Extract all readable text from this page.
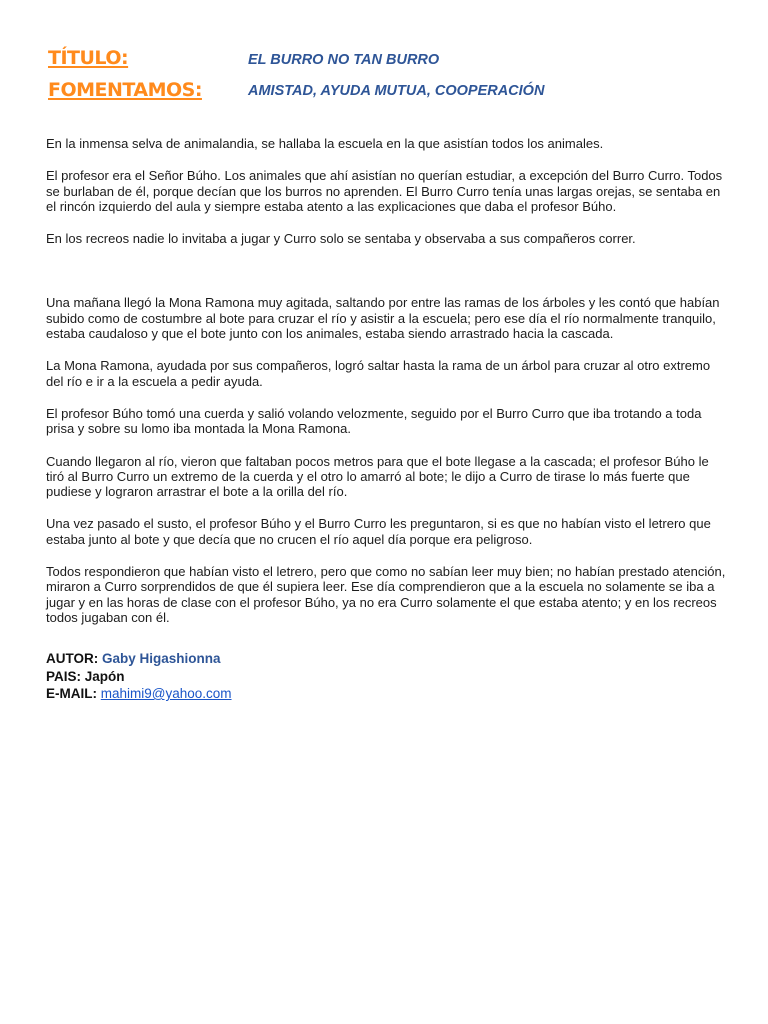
TÍTULO:	EL BURRO NO TAN BURRO
FOMENTAMOS:	AMISTAD, AYUDA MUTUA, COOPERACIÓN

En la inmensa selva de animalandia, se hallaba la escuela en la que asistían todos los animales.

El profesor era el Señor Búho. Los animales que ahí asistían no querían estudiar, a excepción del Burro Curro. Todos se burlaban de él, porque decían que los burros no aprenden. El Burro Curro tenía unas largas orejas, se sentaba en el rincón izquierdo del aula y siempre estaba atento a las explicaciones que daba el profesor Búho.

En los recreos nadie lo invitaba a jugar y Curro solo se sentaba y observaba a sus compañeros correr.

Una mañana llegó la Mona Ramona muy agitada, saltando por entre las ramas de los árboles y les contó que habían subido como de costumbre al bote para cruzar el río y asistir a la escuela; pero ese día el río normalmente tranquilo, estaba caudaloso y que el bote junto con los animales, estaba siendo arrastrado hacia la cascada.

La Mona Ramona, ayudada por sus compañeros, logró saltar hasta la rama de un árbol para cruzar al otro extremo del río e ir a la escuela a pedir ayuda.

El profesor Búho tomó una cuerda y salió volando velozmente, seguido por el Burro Curro que iba trotando a toda prisa y sobre su lomo iba montada la Mona Ramona.

Cuando llegaron al río, vieron que faltaban pocos metros para que el bote llegase a la cascada; el profesor Búho le tiró al Burro Curro un extremo de la cuerda y el otro lo amarró al bote; le dijo a Curro de tirase lo más fuerte que pudiese y lograron arrastrar el bote a la orilla del río.

Una vez pasado el susto, el profesor Búho y el Burro Curro les preguntaron, si es que no habían visto el letrero que estaba junto al bote y que decía que no crucen el río aquel día porque era peligroso.

Todos respondieron que habían visto el letrero, pero que como no sabían leer muy bien; no habían prestado atención, miraron a Curro sorprendidos de que él supiera leer. Ese día comprendieron que a la escuela no solamente se iba a jugar y en las horas de clase con el profesor Búho, ya no era Curro solamente el que estaba atento; y en los recreos todos jugaban con él.

AUTOR: Gaby Higashionna
PAIS: Japón
E-MAIL: mahimi9@yahoo.com
